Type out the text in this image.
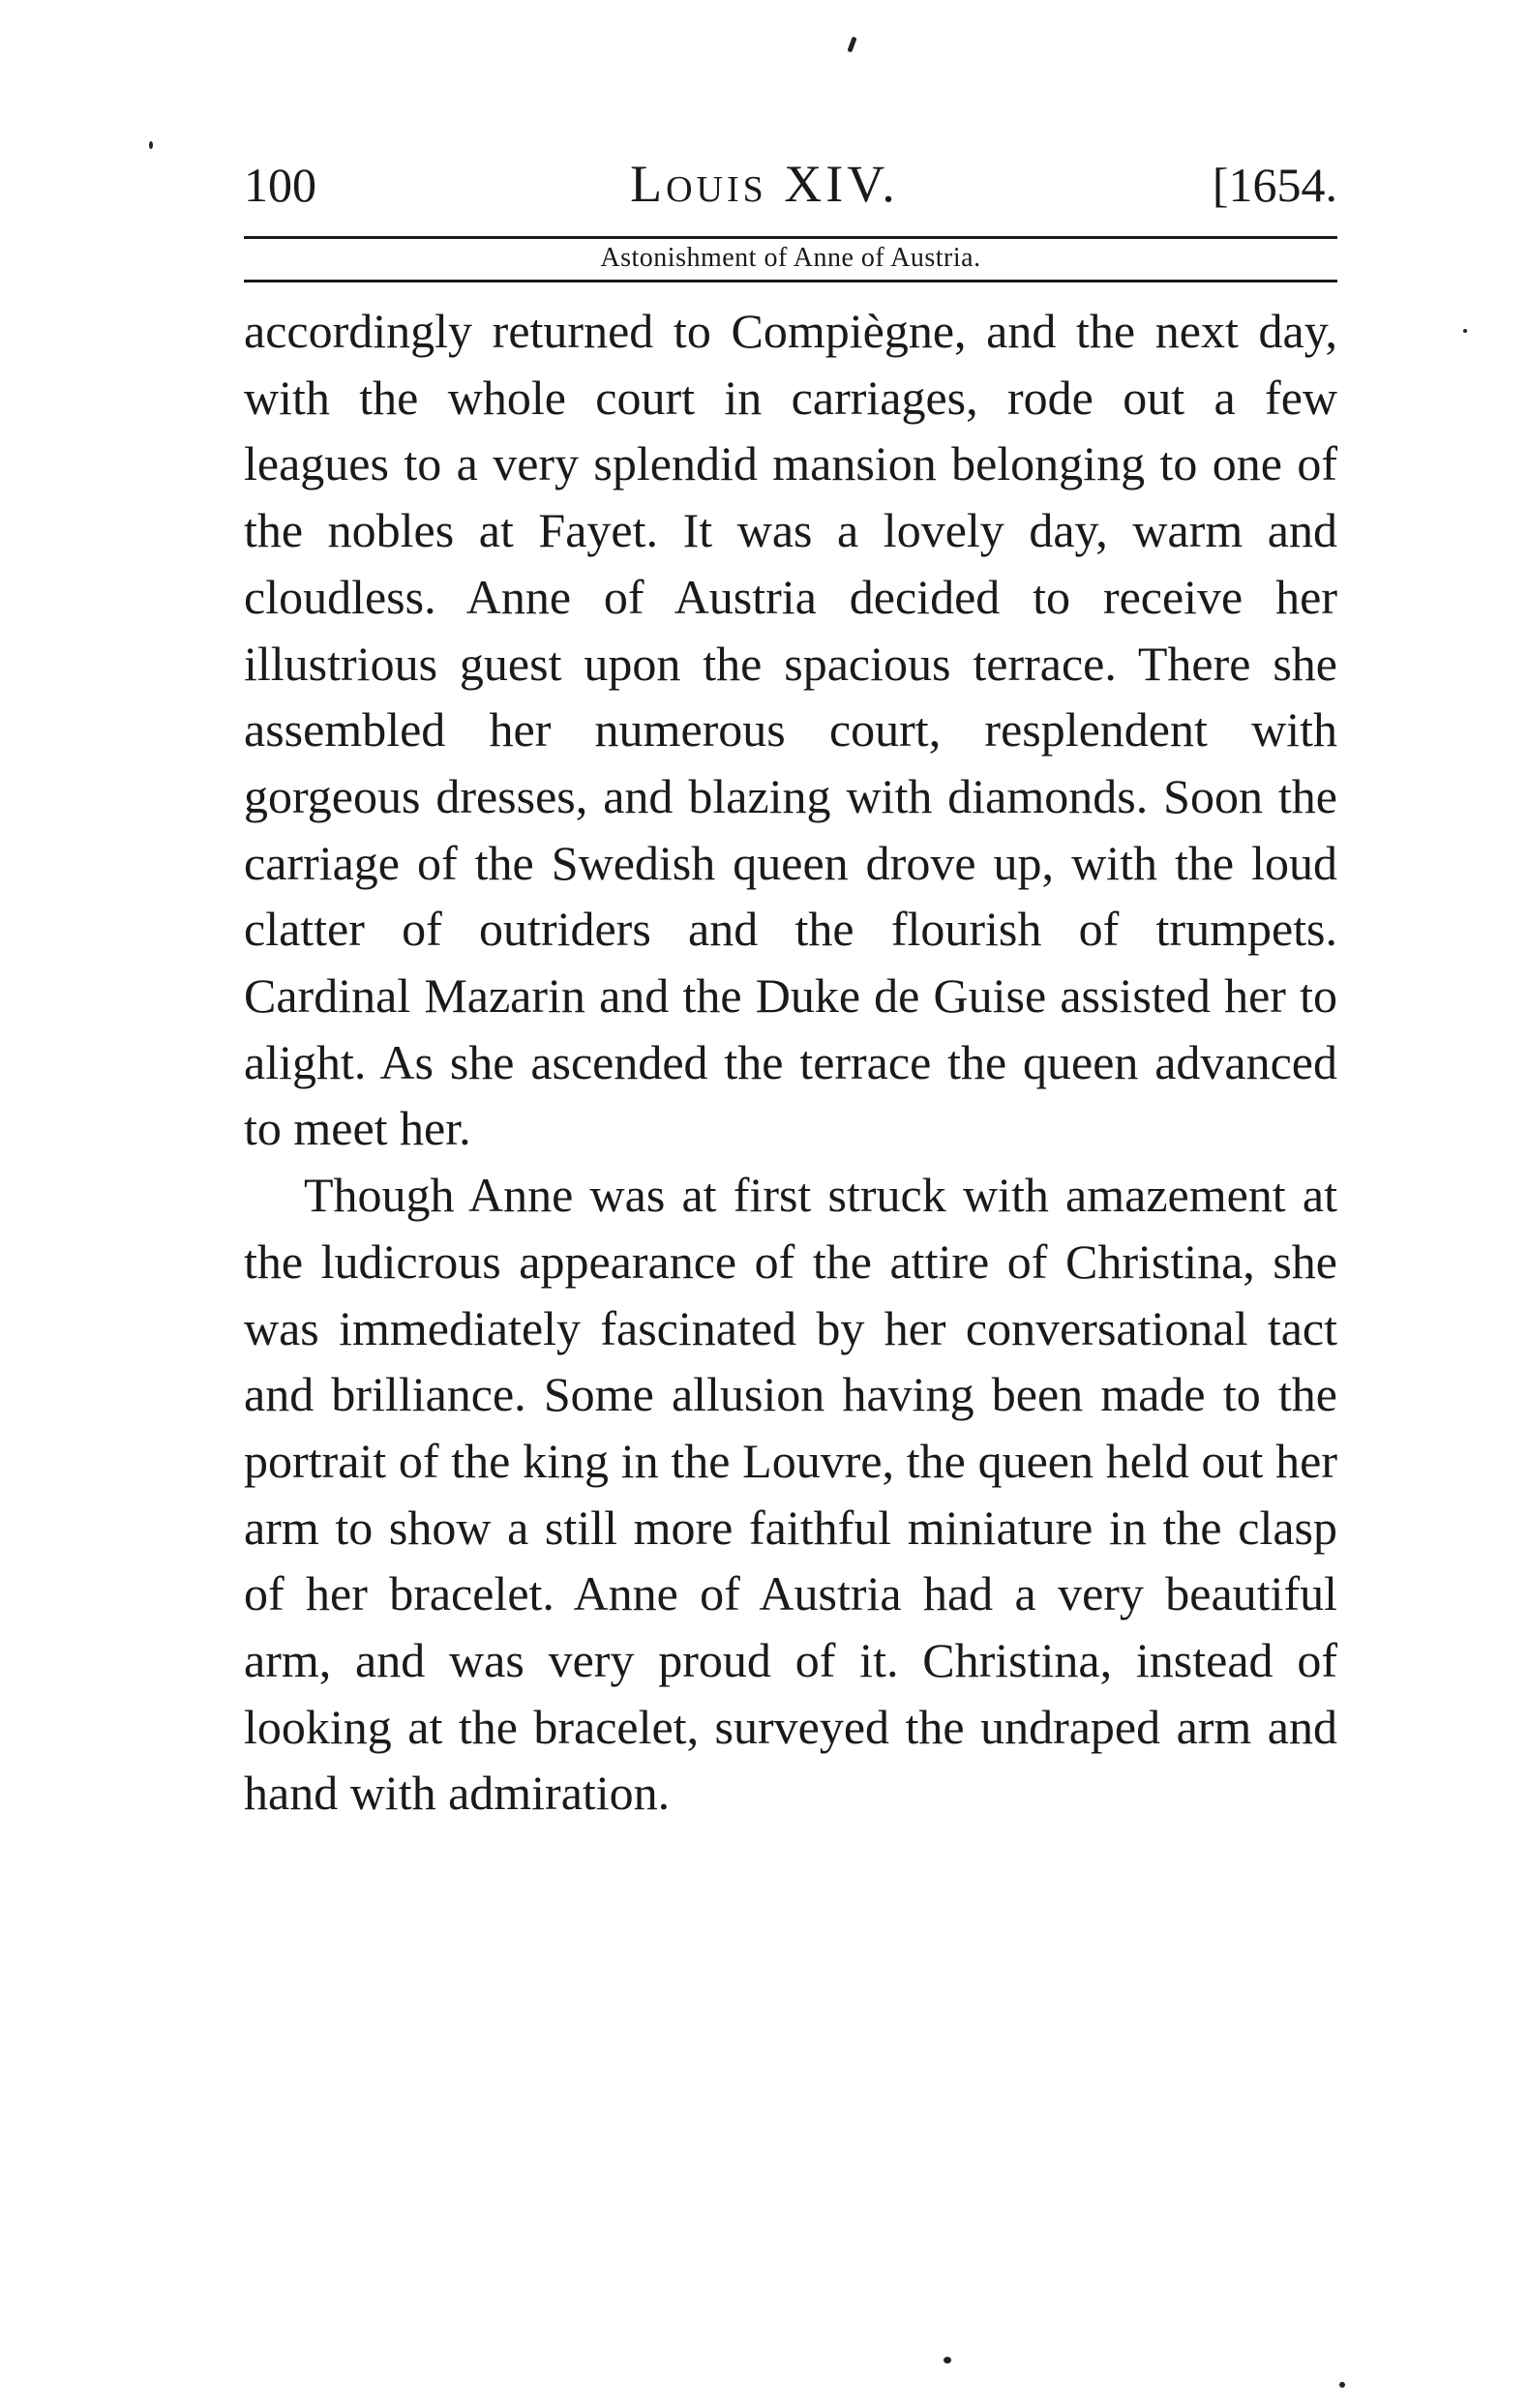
100	Louis XIV.	[1654.
Astonishment of Anne of Austria.

accordingly returned to Compiègne, and the next day, with the whole court in carriages, rode out a few leagues to a very splendid mansion belonging to one of the nobles at Fayet. It was a lovely day, warm and cloudless. Anne of Austria decided to receive her illustrious guest upon the spacious terrace. There she assembled her numerous court, resplendent with gorgeous dresses, and blazing with diamonds. Soon the carriage of the Swedish queen drove up, with the loud clatter of outriders and the flourish of trumpets. Cardinal Mazarin and the Duke de Guise assisted her to alight. As she ascended the terrace the queen advanced to meet her.

Though Anne was at first struck with amazement at the ludicrous appearance of the attire of Christina, she was immediately fascinated by her conversational tact and brilliance. Some allusion having been made to the portrait of the king in the Louvre, the queen held out her arm to show a still more faithful miniature in the clasp of her bracelet. Anne of Austria had a very beautiful arm, and was very proud of it. Christina, instead of looking at the bracelet, surveyed the undraped arm and hand with admiration.
